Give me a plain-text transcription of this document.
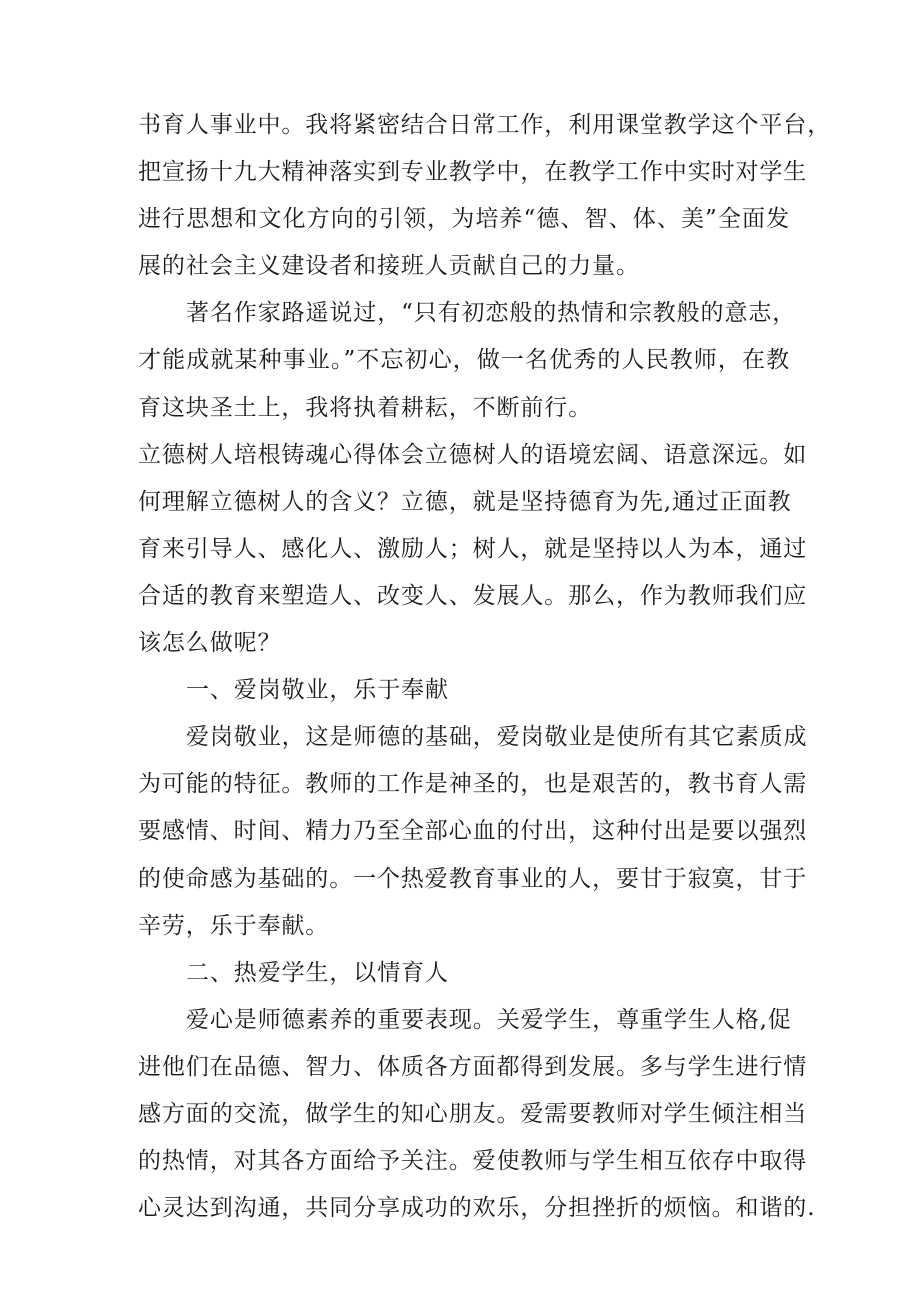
书育人事业中。我将紧密结合日常工作，利用课堂教学这个平台，
把宣扬十九大精神落实到专业教学中，在教学工作中实时对学生
进行思想和文化方向的引领，为培养“德、智、体、美”全面发
展的社会主义建设者和接班人贡献自己的力量。
著名作家路遥说过，“只有初恋般的热情和宗教般的意志，
才能成就某种事业。”不忘初心，做一名优秀的人民教师，在教
育这块圣土上，我将执着耕耘，不断前行。
立德树人培根铸魂心得体会立德树人的语境宏阔、语意深远。如
何理解立德树人的含义？立德，就是坚持德育为先,通过正面教
育来引导人、感化人、激励人；树人，就是坚持以人为本，通过
合适的教育来塑造人、改变人、发展人。那么，作为教师我们应
该怎么做呢？
一、爱岗敬业，乐于奉献
爱岗敬业，这是师德的基础，爱岗敬业是使所有其它素质成
为可能的特征。教师的工作是神圣的，也是艰苦的，教书育人需
要感情、时间、精力乃至全部心血的付出，这种付出是要以强烈
的使命感为基础的。一个热爱教育事业的人，要甘于寂寞，甘于
辛劳，乐于奉献。
二、热爱学生，以情育人
爱心是师德素养的重要表现。关爱学生，尊重学生人格,促
进他们在品德、智力、体质各方面都得到发展。多与学生进行情
感方面的交流，做学生的知心朋友。爱需要教师对学生倾注相当
的热情，对其各方面给予关注。爱使教师与学生相互依存中取得
心灵达到沟通，共同分享成功的欢乐，分担挫折的烦恼。和谐的.
